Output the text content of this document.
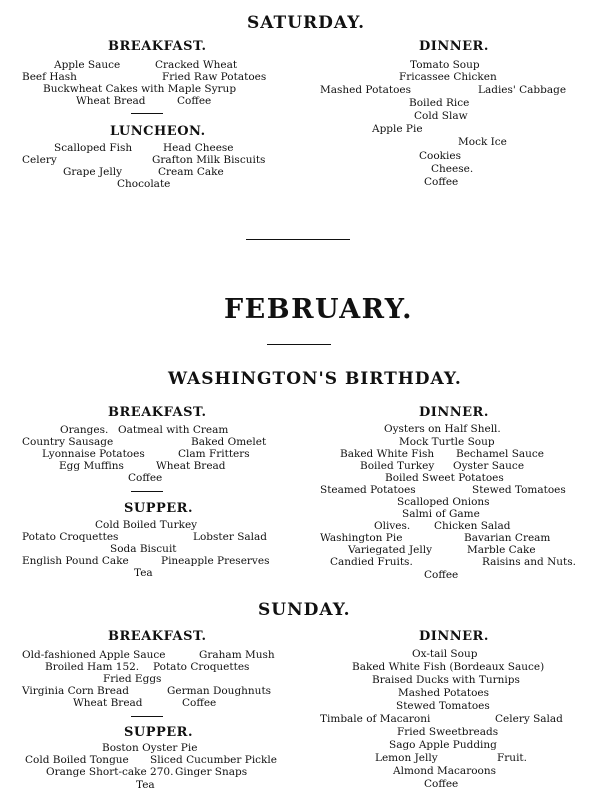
SATURDAY.
BREAKFAST.
Apple Sauce	Cracked Wheat
Beef Hash	Fried Raw Potatoes
Buckwheat Cakes with Maple Syrup
Wheat Bread	Coffee
LUNCHEON.
Scalloped Fish	Head Cheese
Celery	Grafton Milk Biscuits
Grape Jelly	Cream Cake
Chocolate
DINNER.
Tomato Soup
Fricassee Chicken
Mashed Potatoes	Ladies' Cabbage
Boiled Rice
Cold Slaw
Apple Pie
Mock Ice
Cookies
Cheese.
Coffee
FEBRUARY.
WASHINGTON'S BIRTHDAY.
BREAKFAST.
Oranges. Oatmeal with Cream
Country Sausage	Baked Omelet
Lyonnaise Potatoes	Clam Fritters
Egg Muffins	Wheat Bread
Coffee
SUPPER.
Cold Boiled Turkey
Potato Croquettes	Lobster Salad
Soda Biscuit
English Pound Cake	Pineapple Preserves
Tea
DINNER.
Oysters on Half Shell.
Mock Turtle Soup
Baked White Fish Bechamel Sauce
Boiled Turkey Oyster Sauce
Boiled Sweet Potatoes
Steamed Potatoes	Stewed Tomatoes
Scalloped Onions
Salmi of Game
Olives. Chicken Salad
Washington Pie	Bavarian Cream
Variegated Jelly	Marble Cake
Candied Fruits.	Raisins and Nuts.
Coffee
SUNDAY.
BREAKFAST.
Old-fashioned Apple Sauce	Graham Mush
Broiled Ham 152. Potato Croquettes
Fried Eggs
Virginia Corn Bread	German Doughnuts
Wheat Bread	Coffee
SUPPER.
Boston Oyster Pie
Cold Boiled Tongue Sliced Cucumber Pickle
Orange Short-cake 270. Ginger Snaps
Tea
DINNER.
Ox-tail Soup
Baked White Fish (Bordeaux Sauce)
Braised Ducks with Turnips
Mashed Potatoes
Stewed Tomatoes
Timbale of Macaroni	Celery Salad
Fried Sweetbreads
Sago Apple Pudding
Lemon Jelly	Fruit.
Almond Macaroons
Coffee
